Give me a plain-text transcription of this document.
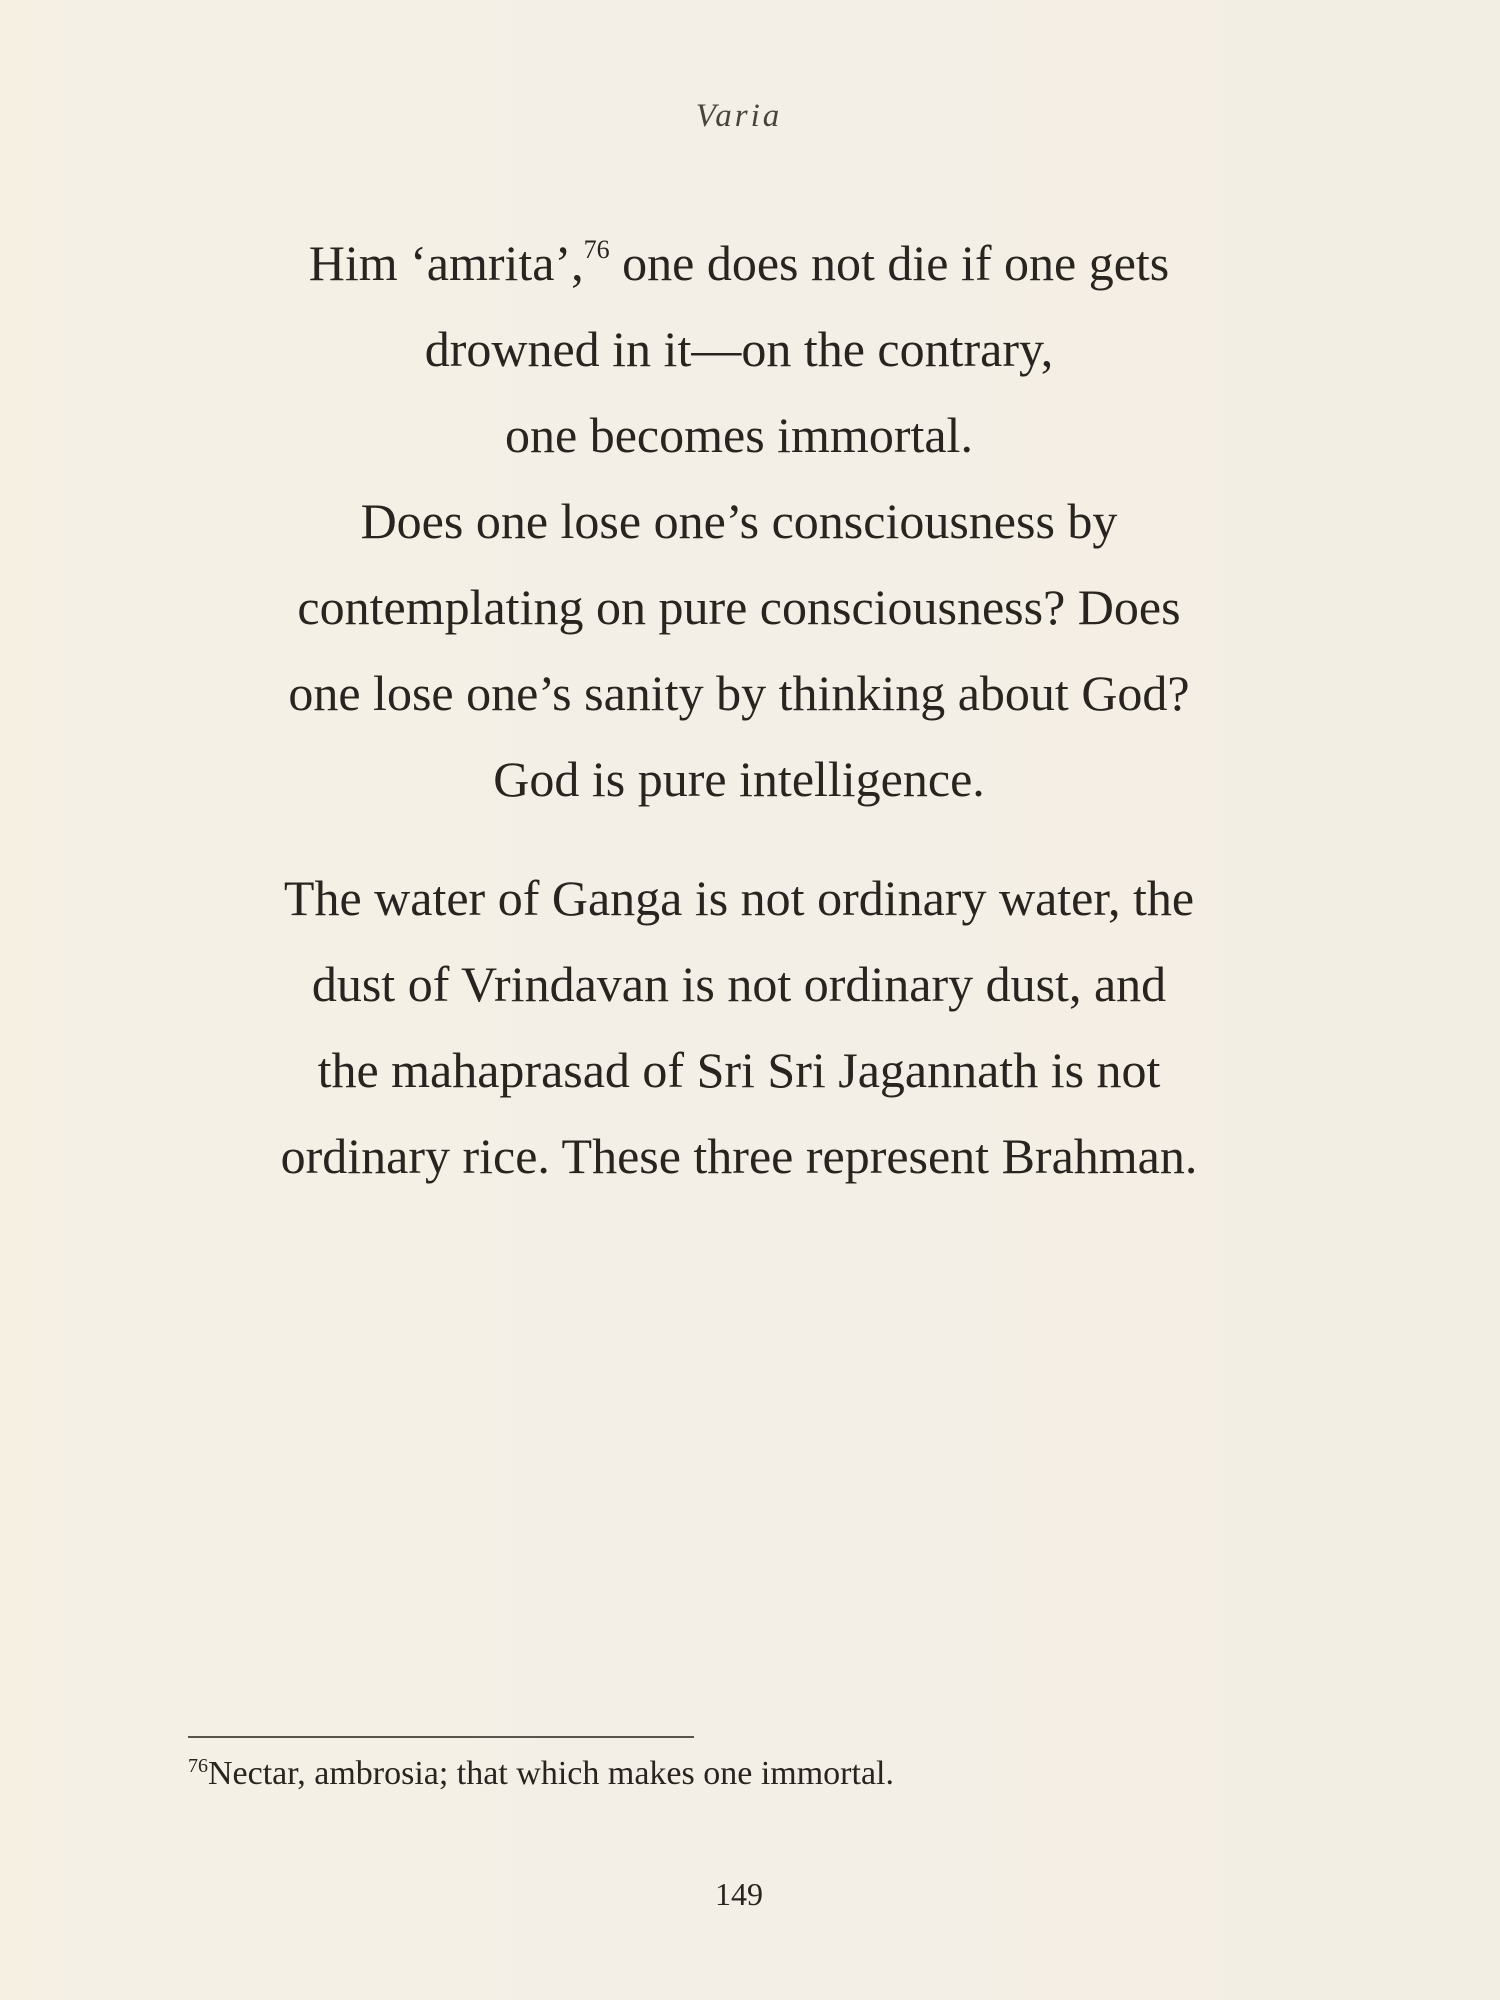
Varia
Him ‘amrita’,$^{76}$ one does not die if one gets
drowned in it—on the contrary,
one becomes immortal.
Does one lose one’s consciousness by
contemplating on pure consciousness? Does
one lose one’s sanity by thinking about God?
God is pure intelligence.
The water of Ganga is not ordinary water, the
dust of Vrindavan is not ordinary dust, and
the mahaprasad of Sri Sri Jagannath is not
ordinary rice. These three represent Brahman.
$^{76}$Nectar, ambrosia; that which makes one immortal.
149
